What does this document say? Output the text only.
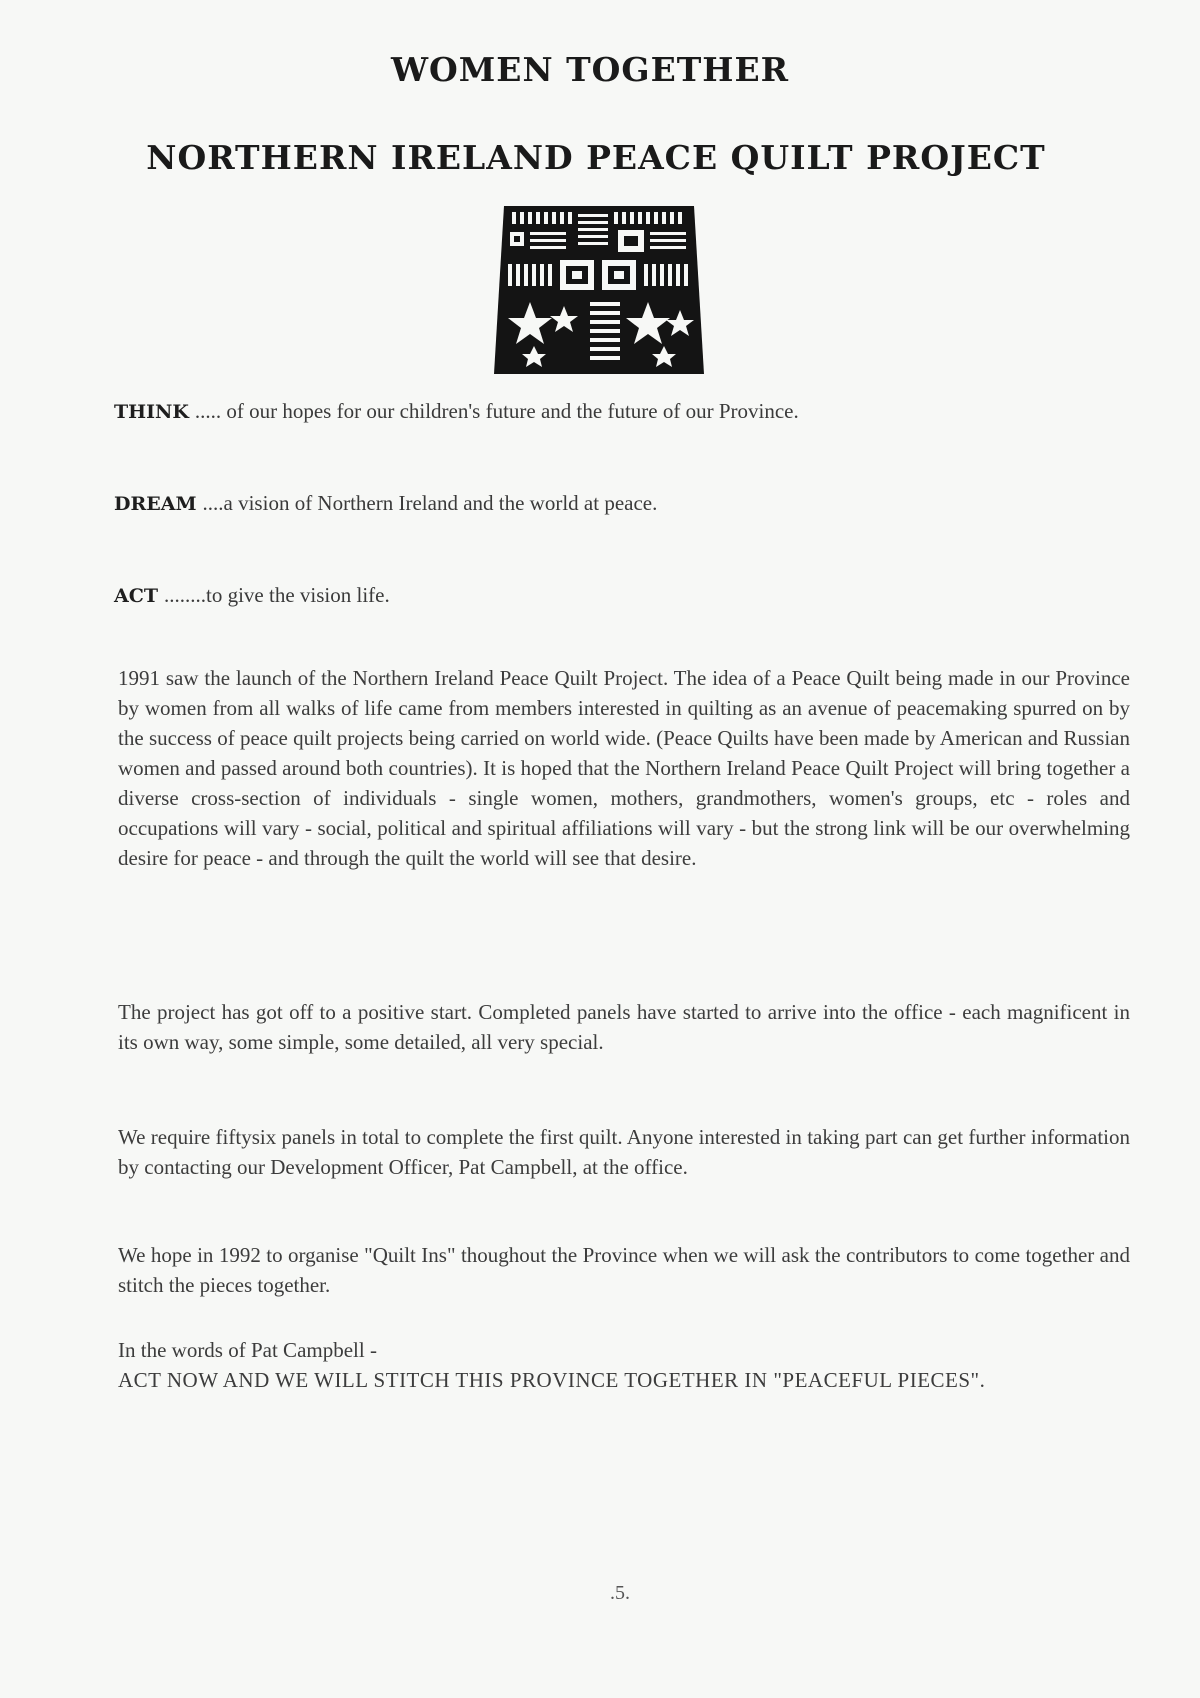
WOMEN TOGETHER
NORTHERN IRELAND PEACE QUILT PROJECT
THINK ..... of our hopes for our children's future and the future of our Province.
DREAM ....a vision of Northern Ireland and the world at peace.
ACT ........to give the vision life.

1991 saw the launch of the Northern Ireland Peace Quilt Project. The idea of a Peace Quilt being made in our Province by women from all walks of life came from members interested in quilting as an avenue of peacemaking spurred on by the success of peace quilt projects being carried on world wide. (Peace Quilts have been made by American and Russian women and passed around both countries). It is hoped that the Northern Ireland Peace Quilt Project will bring together a diverse cross-section of individuals - single women, mothers, grandmothers, women's groups, etc - roles and occupations will vary - social, political and spiritual affiliations will vary - but the strong link will be our overwhelming desire for peace - and through the quilt the world will see that desire.

The project has got off to a positive start. Completed panels have started to arrive into the office - each magnificent in its own way, some simple, some detailed, all very special.

We require fiftysix panels in total to complete the first quilt. Anyone interested in taking part can get further information by contacting our Development Officer, Pat Campbell, at the office.

We hope in 1992 to organise "Quilt Ins" thoughout the Province when we will ask the contributors to come together and stitch the pieces together.

In the words of Pat Campbell -
ACT NOW AND WE WILL STITCH THIS PROVINCE TOGETHER IN "PEACEFUL PIECES".
.5.
